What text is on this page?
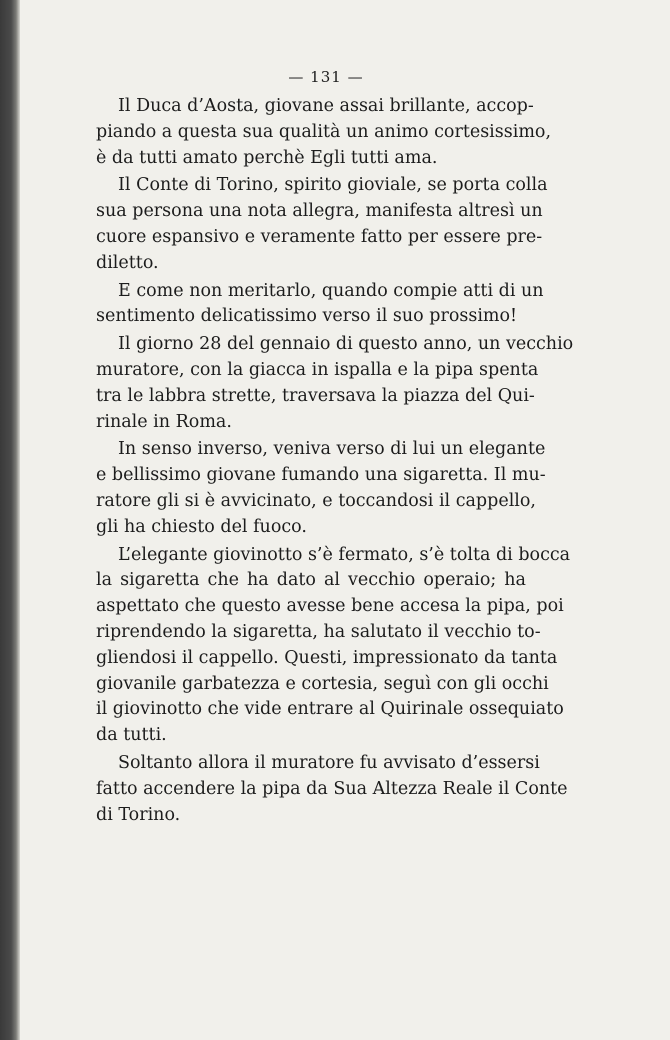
— 131 —
Il Duca d’Aosta, giovane assai brillante, accop-
piando a questa sua qualità un animo cortesissimo,
è da tutti amato perchè Egli tutti ama.
Il Conte di Torino, spirito gioviale, se porta colla
sua persona una nota allegra, manifesta altresì un
cuore espansivo e veramente fatto per essere pre-
diletto.
E come non meritarlo, quando compie atti di un
sentimento delicatissimo verso il suo prossimo!
Il giorno 28 del gennaio di questo anno, un vecchio
muratore, con la giacca in ispalla e la pipa spenta
tra le labbra strette, traversava la piazza del Qui-
rinale in Roma.
In senso inverso, veniva verso di lui un elegante
e bellissimo giovane fumando una sigaretta. Il mu-
ratore gli si è avvicinato, e toccandosi il cappello,
gli ha chiesto del fuoco.
L’elegante giovinotto s’è fermato, s’è tolta di bocca
la sigaretta che ha dato al vecchio operaio; ha
aspettato che questo avesse bene accesa la pipa, poi
riprendendo la sigaretta, ha salutato il vecchio to-
gliendosi il cappello. Questi, impressionato da tanta
giovanile garbatezza e cortesia, seguì con gli occhi
il giovinotto che vide entrare al Quirinale ossequiato
da tutti.
Soltanto allora il muratore fu avvisato d’essersi
fatto accendere la pipa da Sua Altezza Reale il Conte
di Torino.
